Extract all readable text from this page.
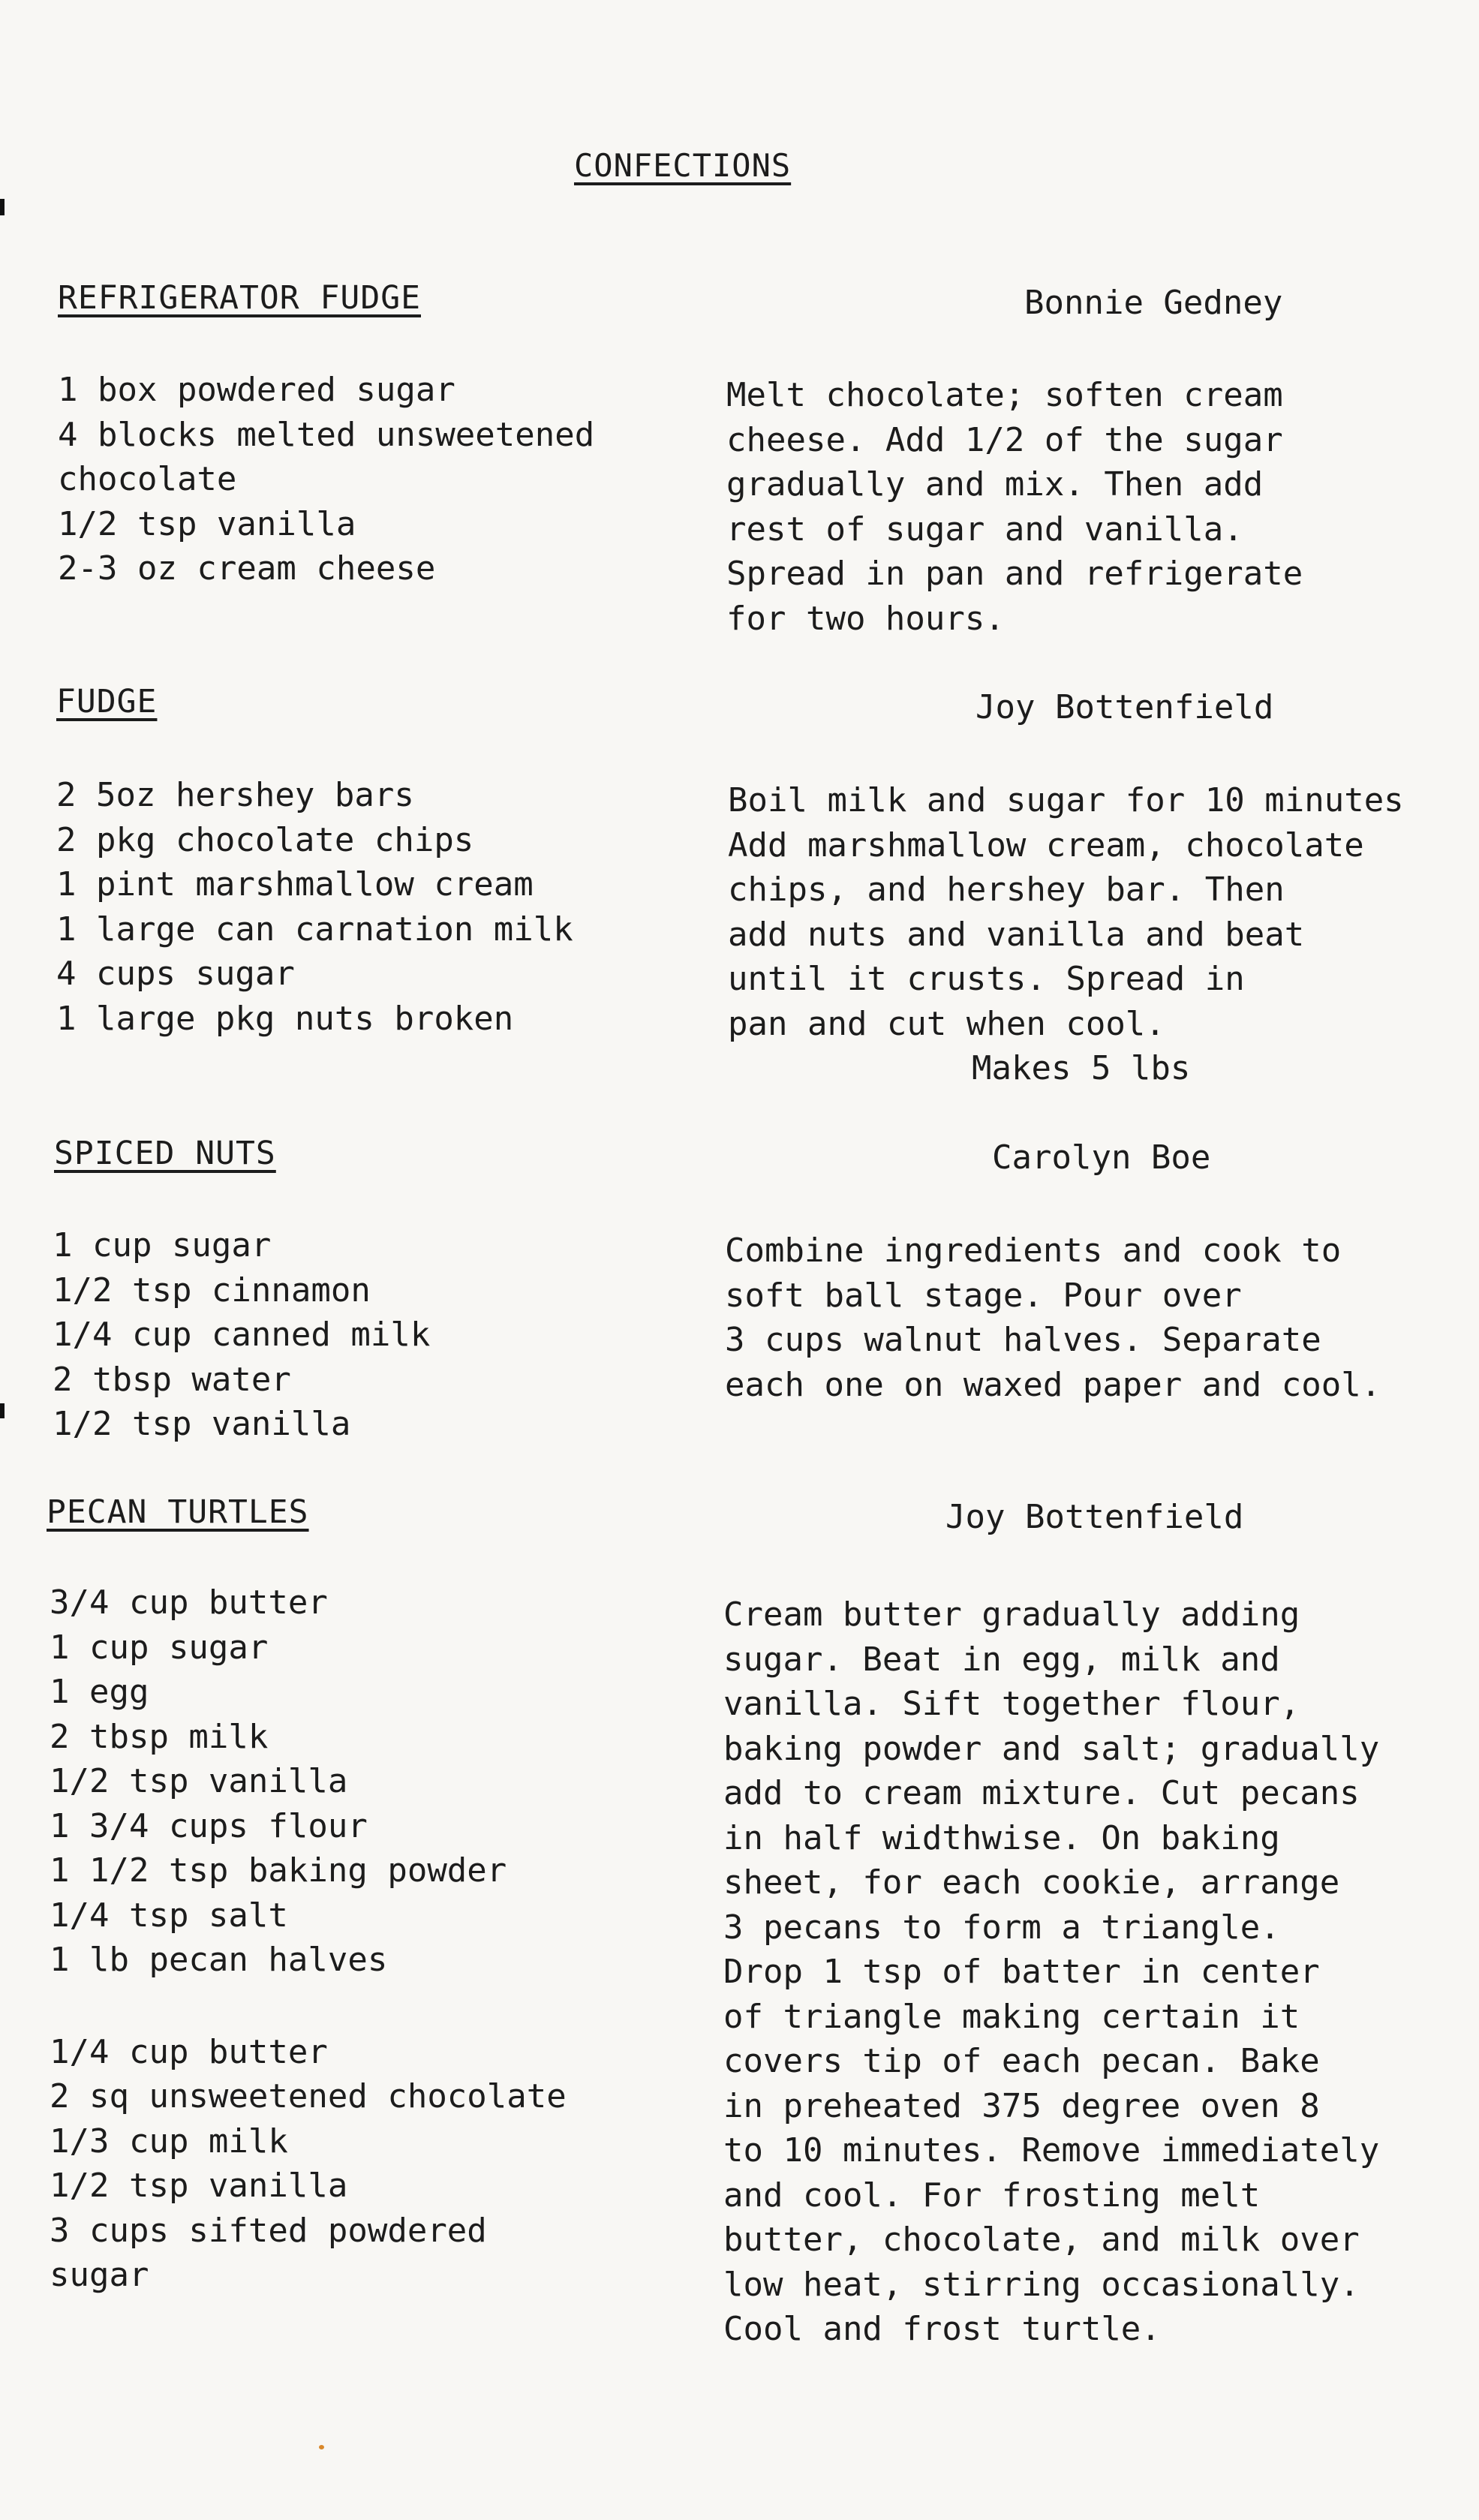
CONFECTIONS
REFRIGERATOR FUDGE	Bonnie Gedney
1 box powdered sugar
4 blocks melted unsweetened
chocolate
1/2 tsp vanilla
2-3 oz cream cheese
Melt chocolate; soften cream
cheese. Add 1/2 of the sugar
gradually and mix. Then add
rest of sugar and vanilla.
Spread in pan and refrigerate
for two hours.
FUDGE	Joy Bottenfield
2 5oz hershey bars
2 pkg chocolate chips
1 pint marshmallow cream
1 large can carnation milk
4 cups sugar
1 large pkg nuts broken
Boil milk and sugar for 10 minutes
Add marshmallow cream, chocolate
chips, and hershey bar. Then
add nuts and vanilla and beat
until it crusts. Spread in
pan and cut when cool.
Makes 5 lbs
SPICED NUTS	Carolyn Boe
1 cup sugar
1/2 tsp cinnamon
1/4 cup canned milk
2 tbsp water
1/2 tsp vanilla
Combine ingredients and cook to
soft ball stage. Pour over
3 cups walnut halves. Separate
each one on waxed paper and cool.
PECAN TURTLES	Joy Bottenfield
3/4 cup butter
1 cup sugar
1 egg
2 tbsp milk
1/2 tsp vanilla
1 3/4 cups flour
1 1/2 tsp baking powder
1/4 tsp salt
1 lb pecan halves
1/4 cup butter
2 sq unsweetened chocolate
1/3 cup milk
1/2 tsp vanilla
3 cups sifted powdered
sugar
Cream butter gradually adding
sugar. Beat in egg, milk and
vanilla. Sift together flour,
baking powder and salt; gradually
add to cream mixture. Cut pecans
in half widthwise. On baking
sheet, for each cookie, arrange
3 pecans to form a triangle.
Drop 1 tsp of batter in center
of triangle making certain it
covers tip of each pecan. Bake
in preheated 375 degree oven 8
to 10 minutes. Remove immediately
and cool. For frosting melt
butter, chocolate, and milk over
low heat, stirring occasionally.
Cool and frost turtle.
